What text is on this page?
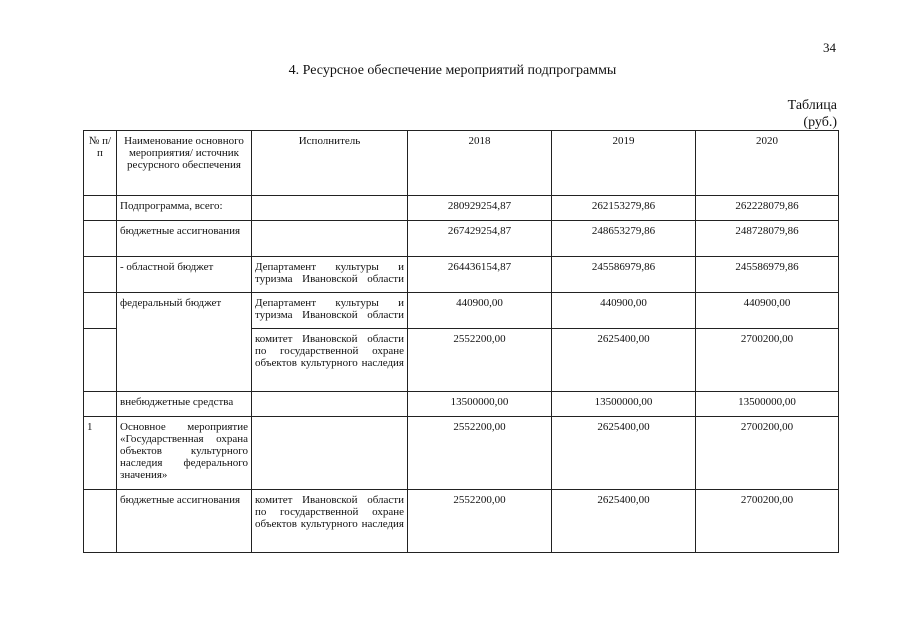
34
4. Ресурсное обеспечение мероприятий подпрограммы
Таблица
(руб.)
№ п/п	Наименование основного мероприятия/ источник ресурсного обеспечения	Исполнитель	2018	2019	2020
	Подпрограмма, всего:		280929254,87	262153279,86	262228079,86
	бюджетные ассигнования		267429254,87	248653279,86	248728079,86
	- областной бюджет	Департамент культуры и туризма Ивановской области	264436154,87	245586979,86	245586979,86
	федеральный бюджет	Департамент культуры и туризма Ивановской области	440900,00	440900,00	440900,00
		комитет Ивановской области по государственной охране объектов культурного наследия	2552200,00	2625400,00	2700200,00
	внебюджетные средства		13500000,00	13500000,00	13500000,00
1	Основное мероприятие «Государственная охрана объектов культурного наследия федерального значения»		2552200,00	2625400,00	2700200,00
	бюджетные ассигнования	комитет Ивановской области по государственной охране объектов культурного наследия	2552200,00	2625400,00	2700200,00
